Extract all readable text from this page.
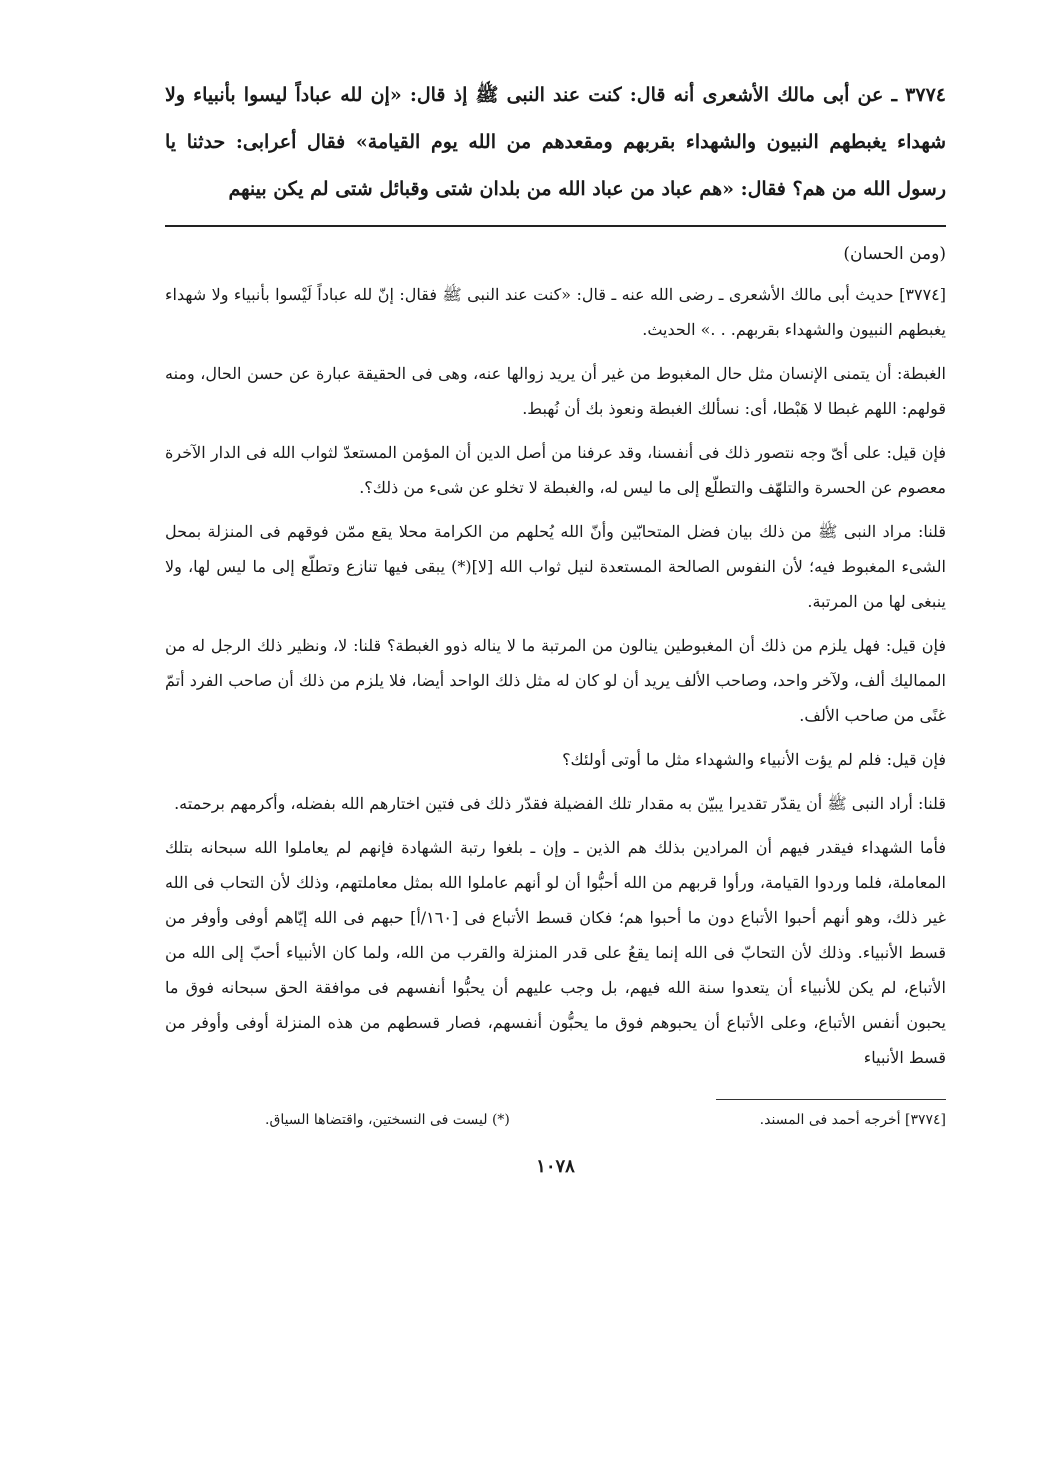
٣٧٧٤ ـ عن أبى مالك الأشعرى أنه قال: كنت عند النبى ﷺ إذ قال: «إن لله عباداً ليسوا بأنبياء ولا شهداء يغبطهم النبيون والشهداء بقربهم ومقعدهم من الله يوم القيامة» فقال أعرابى: حدثنا يا رسول الله من هم؟ فقال: «هم عباد من عباد الله من بلدان شتى وقبائل شتى لم يكن بينهم

(ومن الحسان)

[٣٧٧٤] حديث أبى مالك الأشعرى ـ رضى الله عنه ـ قال: «كنت عند النبى ﷺ فقال: إنّ لله عباداً لَيْسوا بأنبياء ولا شهداء يغبطهم النبيون والشهداء بقربهم. . .» الحديث.

الغبطة: أن يتمنى الإنسان مثل حال المغبوط من غير أن يريد زوالها عنه، وهى فى الحقيقة عبارة عن حسن الحال، ومنه قولهم: اللهم غبطا لا هَبْطا، أى: نسألك الغبطة ونعوذ بك أن نُهبط.

فإن قيل: على أىّ وجه نتصور ذلك فى أنفسنا، وقد عرفنا من أصل الدين أن المؤمن المستعدّ لثواب الله فى الدار الآخرة معصوم عن الحسرة والتلهّف والتطلّع إلى ما ليس له، والغبطة لا تخلو عن شىء من ذلك؟.

قلنا: مراد النبى ﷺ من ذلك بيان فضل المتحابّين وأنّ الله يُحلهم من الكرامة محلا يقع ممّن فوقهم فى المنزلة بمحل الشىء المغبوط فيه؛ لأن النفوس الصالحة المستعدة لنيل ثواب الله [لا](*) يبقى فيها تنازع وتطلّع إلى ما ليس لها، ولا ينبغى لها من المرتبة.

فإن قيل: فهل يلزم من ذلك أن المغبوطين ينالون من المرتبة ما لا يناله ذوو الغبطة؟ قلنا: لا، ونظير ذلك الرجل له من المماليك ألف، ولآخر واحد، وصاحب الألف يريد أن لو كان له مثل ذلك الواحد أيضا، فلا يلزم من ذلك أن صاحب الفرد أتمّ غنًى من صاحب الألف.

فإن قيل: فلم لم يؤت الأنبياء والشهداء مثل ما أوتى أولئك؟

قلنا: أراد النبى ﷺ أن يقدّر تقديرا يبيّن به مقدار تلك الفضيلة فقدّر ذلك فى فتين اختارهم الله بفضله، وأكرمهم برحمته.

فأما الشهداء فيقدر فيهم أن المرادين بذلك هم الذين ـ وإن ـ بلغوا رتبة الشهادة فإنهم لم يعاملوا الله سبحانه بتلك المعاملة، فلما وردوا القيامة، ورأوا قربهم من الله أحبُّوا أن لو أنهم عاملوا الله بمثل معاملتهم، وذلك لأن التحاب فى الله غير ذلك، وهو أنهم أحبوا الأتباع دون ما أحبوا هم؛ فكان قسط الأتباع فى [١٦٠/أ] حبهم فى الله إيّاهم أوفى وأوفر من قسط الأنبياء. وذلك لأن التحابّ فى الله إنما يقعُ على قدر المنزلة والقرب من الله، ولما كان الأنبياء أحبّ إلى الله من الأتباع، لم يكن للأنبياء أن يتعدوا سنة الله فيهم، بل وجب عليهم أن يحبُّوا أنفسهم فى موافقة الحق سبحانه فوق ما يحبون أنفس الأتباع، وعلى الأتباع أن يحبوهم فوق ما يحبُّون أنفسهم، فصار قسطهم من هذه المنزلة أوفى وأوفر من قسط الأنبياء

[٣٧٧٤] أخرجه أحمد فى المسند.
(*) ليست فى النسختين، واقتضاها السياق.
١٠٧٨
